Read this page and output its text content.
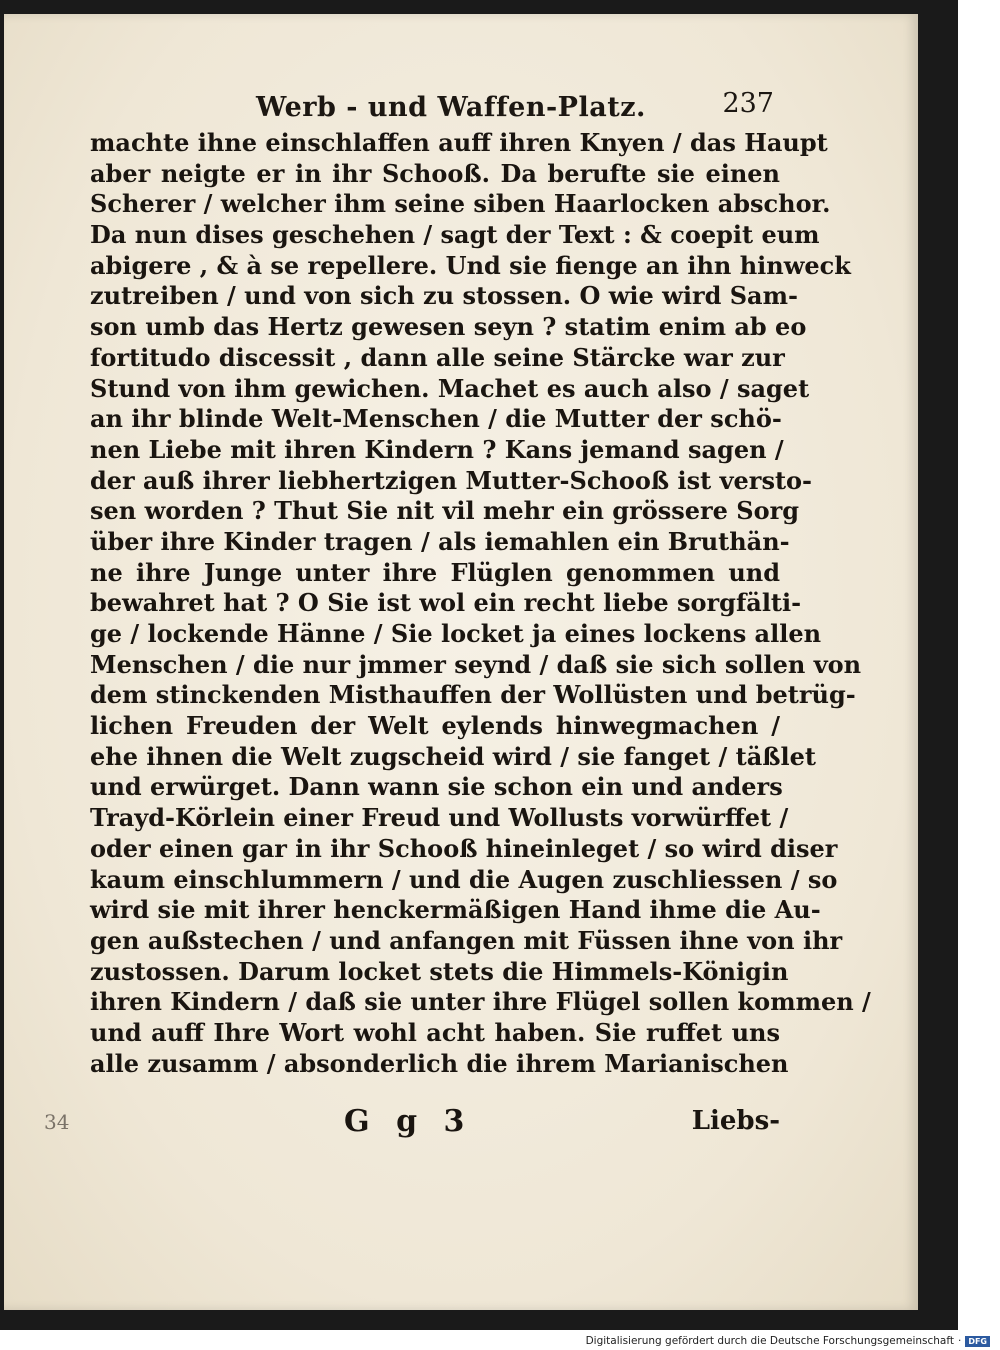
Werb - und Waffen-Platz.	237
machte ihne einschlaffen auff ihren Knyen / das Haupt
aber neigte er in ihr Schooß. Da berufte sie einen
Scherer / welcher ihm seine siben Haarlocken abschor.
Da nun dises geschehen / sagt der Text : & coepit eum
abigere , & à se repellere. Und sie fienge an ihn hinweck
zutreiben / und von sich zu stossen. O wie wird Sam-
son umb das Hertz gewesen seyn ? statim enim ab eo
fortitudo discessit , dann alle seine Stärcke war zur
Stund von ihm gewichen. Machet es auch also / saget
an ihr blinde Welt-Menschen / die Mutter der schö-
nen Liebe mit ihren Kindern ? Kans jemand sagen /
der auß ihrer liebhertzigen Mutter-Schooß ist versto-
sen worden ? Thut Sie nit vil mehr ein grössere Sorg
über ihre Kinder tragen / als iemahlen ein Bruthän-
ne ihre Junge unter ihre Flüglen genommen und
bewahret hat ? O Sie ist wol ein recht liebe sorgfälti-
ge / lockende Hänne / Sie locket ja eines lockens allen
Menschen / die nur jmmer seynd / daß sie sich sollen von
dem stinckenden Misthauffen der Wollüsten und betrüg-
lichen Freuden der Welt eylends hinwegmachen /
ehe ihnen die Welt zugscheid wird / sie fanget / täßlet
und erwürget. Dann wann sie schon ein und anders
Trayd-Körlein einer Freud und Wollusts vorwürffet /
oder einen gar in ihr Schooß hineinleget / so wird diser
kaum einschlummern / und die Augen zuschliessen / so
wird sie mit ihrer henckermäßigen Hand ihme die Au-
gen außstechen / und anfangen mit Füssen ihne von ihr
zustossen. Darum locket stets die Himmels-Königin
ihren Kindern / daß sie unter ihre Flügel sollen kommen /
und auff Ihre Wort wohl acht haben. Sie ruffet uns
alle zusamm / absonderlich die ihrem Marianischen
34	G g 3	Liebs-
Digitalisierung gefördert durch die Deutsche Forschungsgemeinschaft · DFG
